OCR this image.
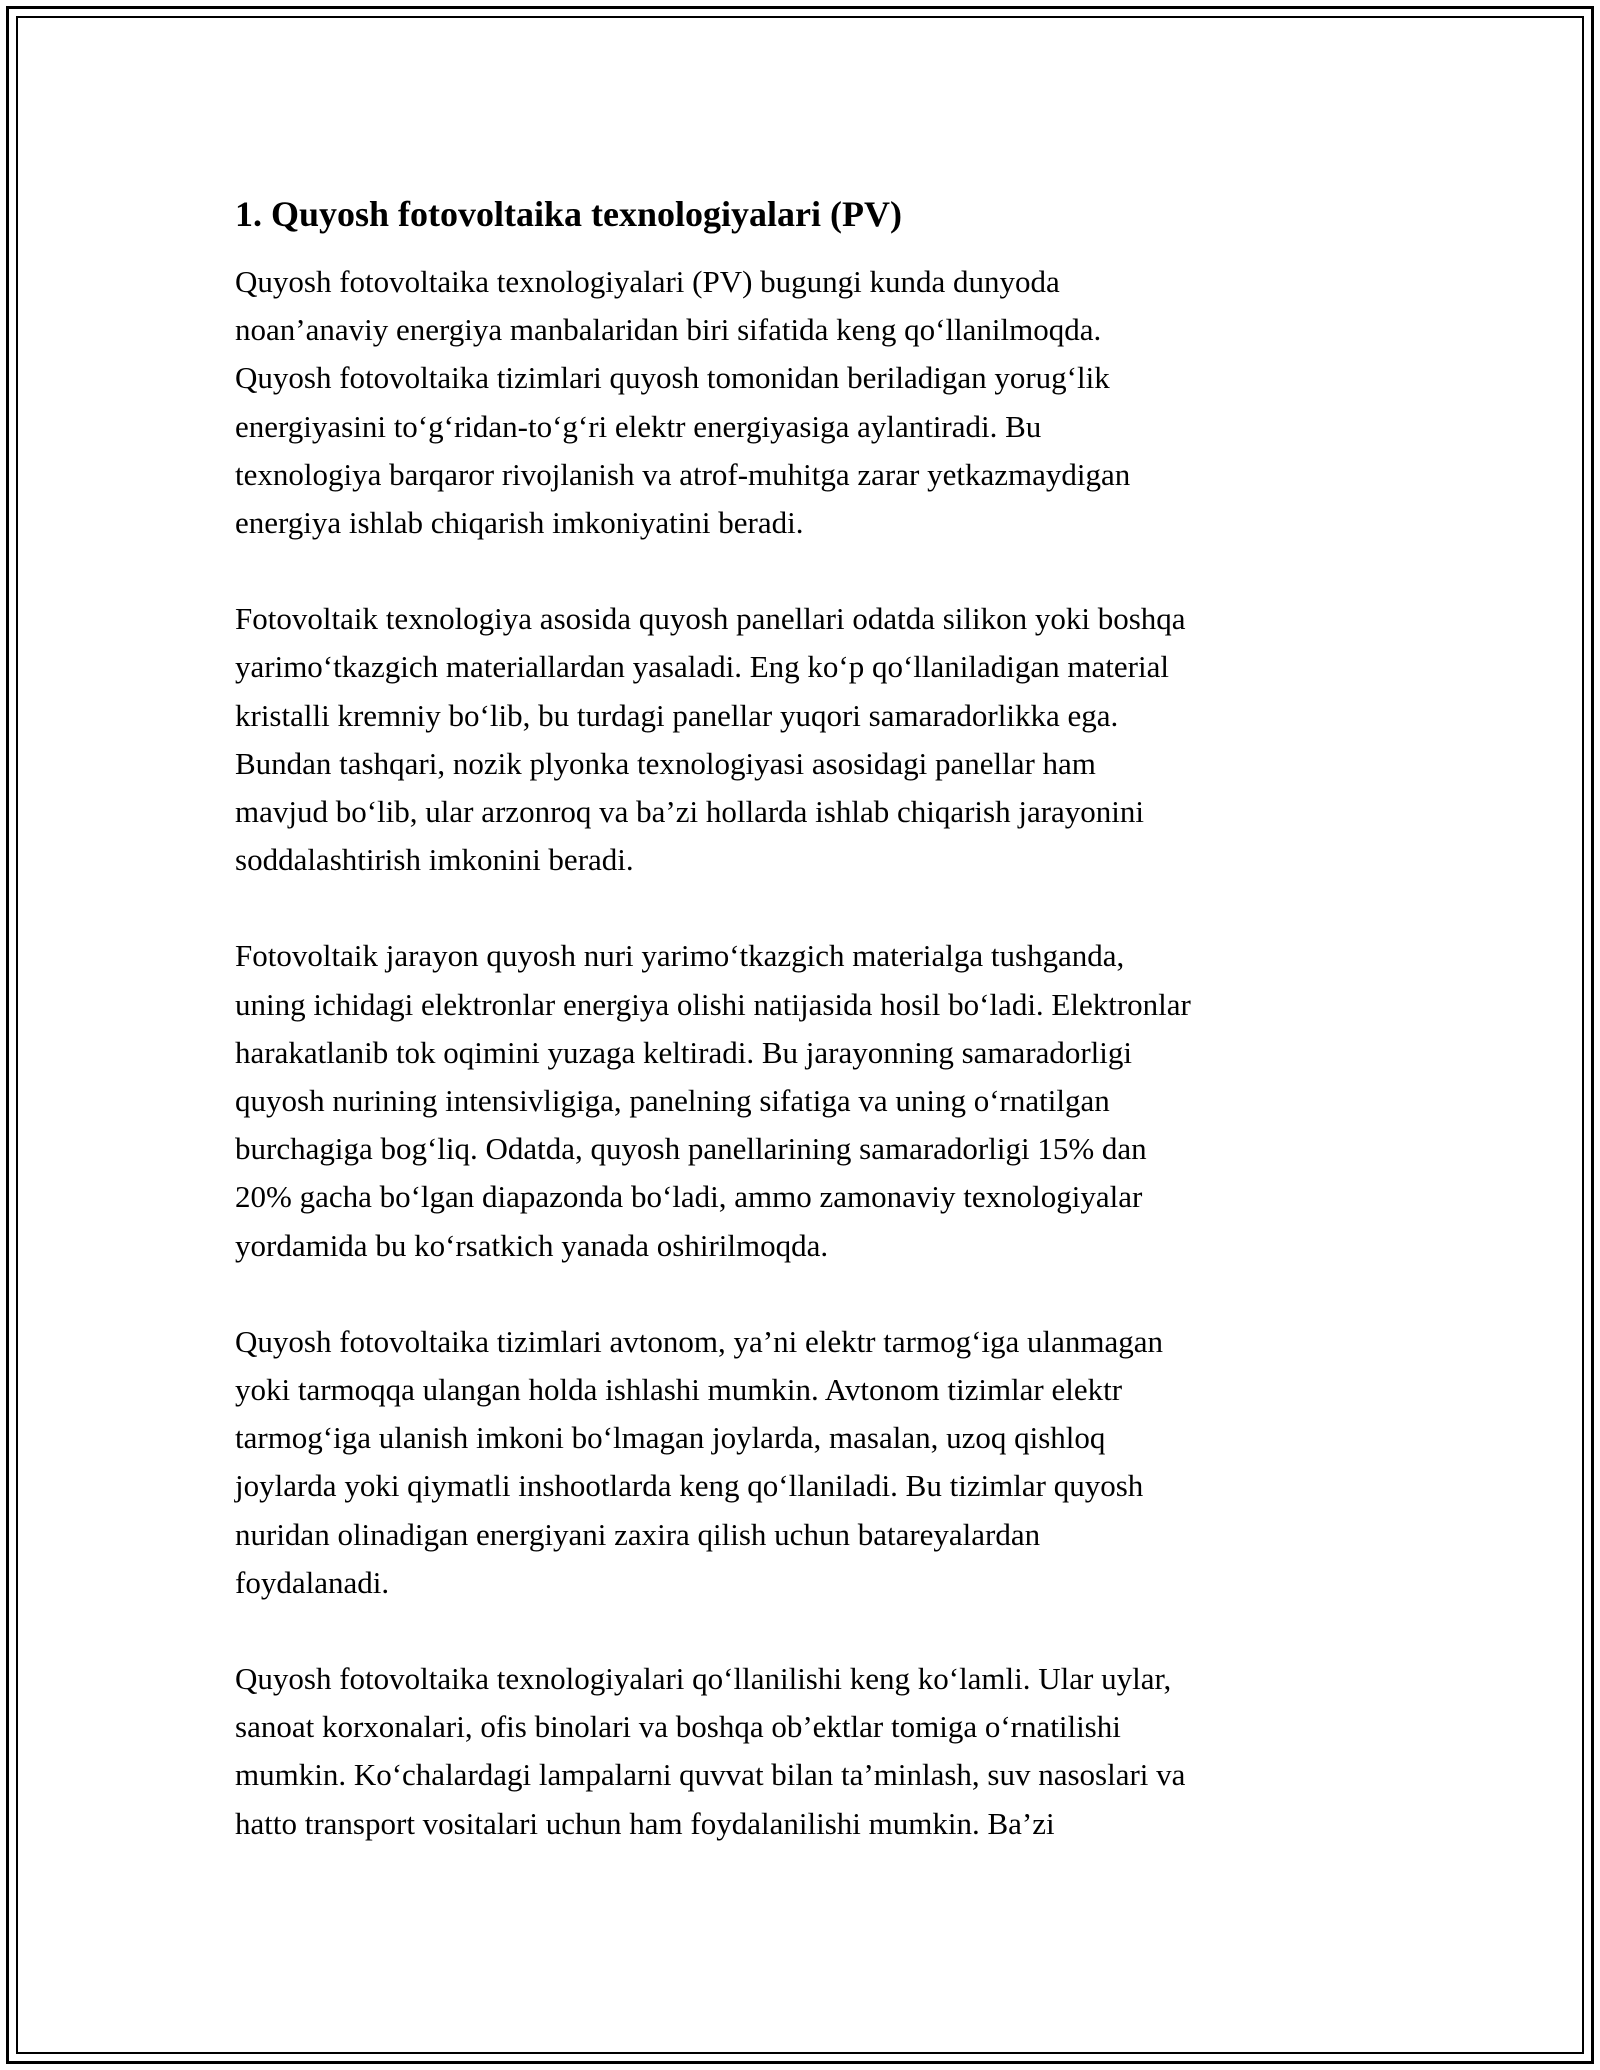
1. Quyosh fotovoltaika texnologiyalari (PV)

Quyosh fotovoltaika texnologiyalari (PV) bugungi kunda dunyoda
noan’anaviy energiya manbalaridan biri sifatida keng qo‘llanilmoqda.
Quyosh fotovoltaika tizimlari quyosh tomonidan beriladigan yorug‘lik
energiyasini to‘g‘ridan-to‘g‘ri elektr energiyasiga aylantiradi. Bu
texnologiya barqaror rivojlanish va atrof-muhitga zarar yetkazmaydigan
energiya ishlab chiqarish imkoniyatini beradi.

Fotovoltaik texnologiya asosida quyosh panellari odatda silikon yoki boshqa
yarimo‘tkazgich materiallardan yasaladi. Eng ko‘p qo‘llaniladigan material
kristalli kremniy bo‘lib, bu turdagi panellar yuqori samaradorlikka ega.
Bundan tashqari, nozik plyonka texnologiyasi asosidagi panellar ham
mavjud bo‘lib, ular arzonroq va ba’zi hollarda ishlab chiqarish jarayonini
soddalashtirish imkonini beradi.

Fotovoltaik jarayon quyosh nuri yarimo‘tkazgich materialga tushganda,
uning ichidagi elektronlar energiya olishi natijasida hosil bo‘ladi. Elektronlar
harakatlanib tok oqimini yuzaga keltiradi. Bu jarayonning samaradorligi
quyosh nurining intensivligiga, panelning sifatiga va uning o‘rnatilgan
burchagiga bog‘liq. Odatda, quyosh panellarining samaradorligi 15% dan
20% gacha bo‘lgan diapazonda bo‘ladi, ammo zamonaviy texnologiyalar
yordamida bu ko‘rsatkich yanada oshirilmoqda.

Quyosh fotovoltaika tizimlari avtonom, ya’ni elektr tarmog‘iga ulanmagan
yoki tarmoqqa ulangan holda ishlashi mumkin. Avtonom tizimlar elektr
tarmog‘iga ulanish imkoni bo‘lmagan joylarda, masalan, uzoq qishloq
joylarda yoki qiymatli inshootlarda keng qo‘llaniladi. Bu tizimlar quyosh
nuridan olinadigan energiyani zaxira qilish uchun batareyalardan
foydalanadi.

Quyosh fotovoltaika texnologiyalari qo‘llanilishi keng ko‘lamli. Ular uylar,
sanoat korxonalari, ofis binolari va boshqa ob’ektlar tomiga o‘rnatilishi
mumkin. Ko‘chalardagi lampalarni quvvat bilan ta’minlash, suv nasoslari va
hatto transport vositalari uchun ham foydalanilishi mumkin. Ba’zi
